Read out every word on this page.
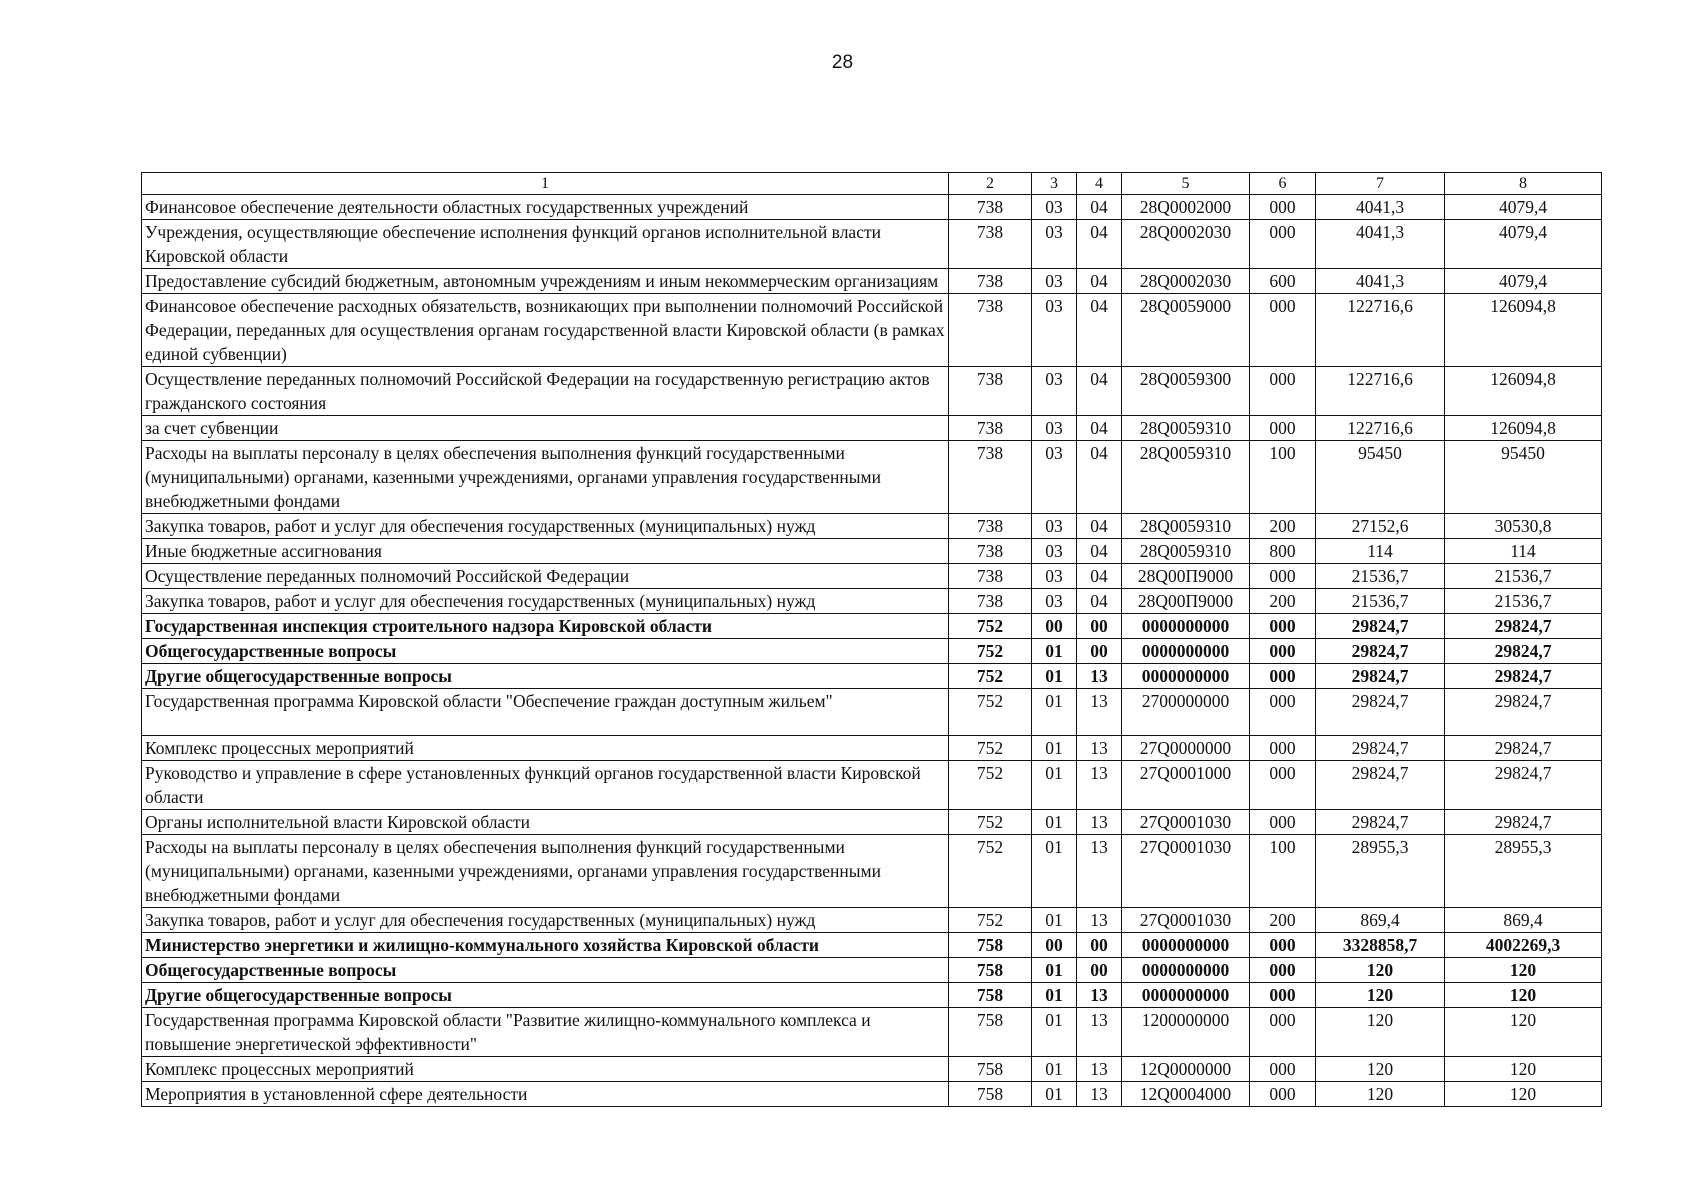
28
1	2	3	4	5	6	7	8
Финансовое обеспечение деятельности областных государственных учреждений	738	03	04	28Q0002000	000	4041,3	4079,4
Учреждения, осуществляющие обеспечение исполнения функций органов исполнительной власти Кировской области	738	03	04	28Q0002030	000	4041,3	4079,4
Предоставление субсидий бюджетным, автономным учреждениям и иным некоммерческим организациям	738	03	04	28Q0002030	600	4041,3	4079,4
Финансовое обеспечение расходных обязательств, возникающих при выполнении полномочий Российской Федерации, переданных для осуществления органам государственной власти Кировской области (в рамках единой субвенции)	738	03	04	28Q0059000	000	122716,6	126094,8
Осуществление переданных полномочий Российской Федерации на государственную регистрацию актов гражданского состояния	738	03	04	28Q0059300	000	122716,6	126094,8
за счет субвенции	738	03	04	28Q0059310	000	122716,6	126094,8
Расходы на выплаты персоналу в целях обеспечения выполнения функций государственными (муниципальными) органами, казенными учреждениями, органами управления государственными внебюджетными фондами	738	03	04	28Q0059310	100	95450	95450
Закупка товаров, работ и услуг для обеспечения государственных (муниципальных) нужд	738	03	04	28Q0059310	200	27152,6	30530,8
Иные бюджетные ассигнования	738	03	04	28Q0059310	800	114	114
Осуществление переданных полномочий Российской Федерации	738	03	04	28Q00П9000	000	21536,7	21536,7
Закупка товаров, работ и услуг для обеспечения государственных (муниципальных) нужд	738	03	04	28Q00П9000	200	21536,7	21536,7
Государственная инспекция строительного надзора Кировской области	752	00	00	0000000000	000	29824,7	29824,7
Общегосударственные вопросы	752	01	00	0000000000	000	29824,7	29824,7
Другие общегосударственные вопросы	752	01	13	0000000000	000	29824,7	29824,7
Государственная программа Кировской области "Обеспечение граждан доступным жильем"	752	01	13	2700000000	000	29824,7	29824,7
Комплекс процессных мероприятий	752	01	13	27Q0000000	000	29824,7	29824,7
Руководство и управление в сфере установленных функций органов государственной власти Кировской области	752	01	13	27Q0001000	000	29824,7	29824,7
Органы исполнительной власти Кировской области	752	01	13	27Q0001030	000	29824,7	29824,7
Расходы на выплаты персоналу в целях обеспечения выполнения функций государственными (муниципальными) органами, казенными учреждениями, органами управления государственными внебюджетными фондами	752	01	13	27Q0001030	100	28955,3	28955,3
Закупка товаров, работ и услуг для обеспечения государственных (муниципальных) нужд	752	01	13	27Q0001030	200	869,4	869,4
Министерство энергетики и жилищно-коммунального хозяйства Кировской области	758	00	00	0000000000	000	3328858,7	4002269,3
Общегосударственные вопросы	758	01	00	0000000000	000	120	120
Другие общегосударственные вопросы	758	01	13	0000000000	000	120	120
Государственная программа Кировской области "Развитие жилищно-коммунального комплекса и повышение энергетической эффективности"	758	01	13	1200000000	000	120	120
Комплекс процессных мероприятий	758	01	13	12Q0000000	000	120	120
Мероприятия в установленной сфере деятельности	758	01	13	12Q0004000	000	120	120
